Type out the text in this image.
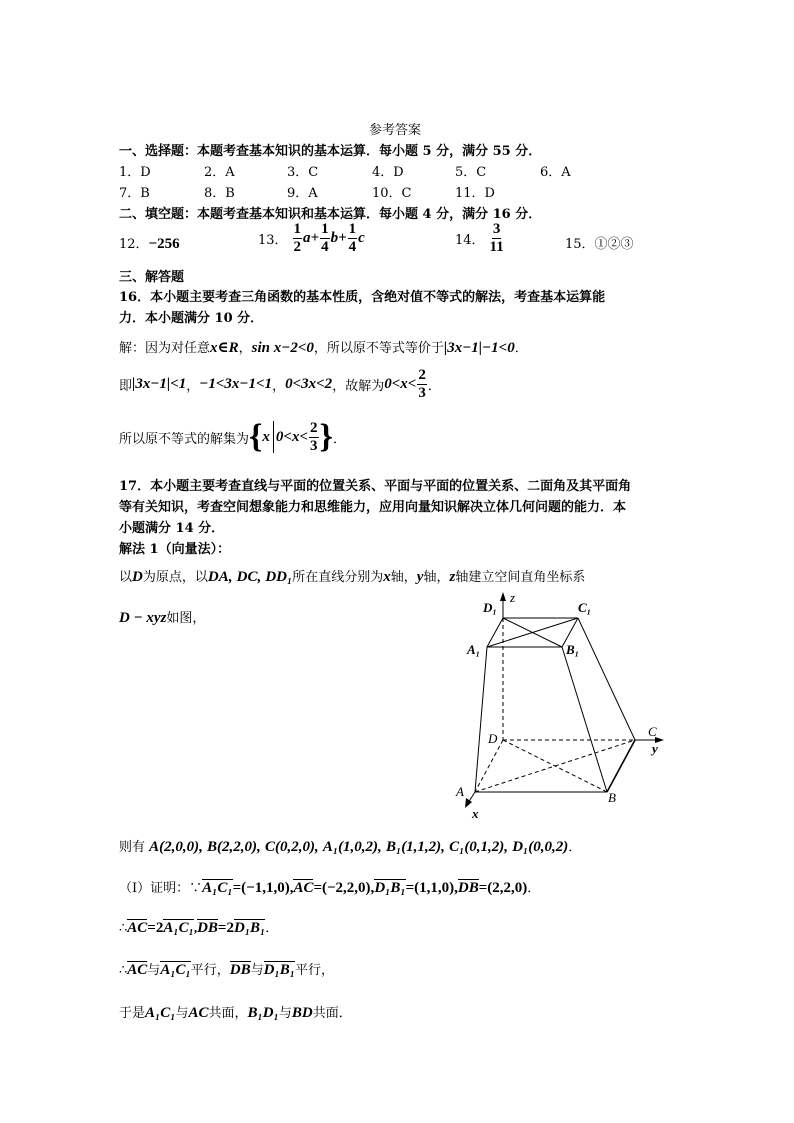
参考答案
一、选择题：本题考查基本知识的基本运算．每小题 5 分，满分 55 分．
1．D	2．A	3．C	4．D	5．C	6．A
7．B	8．B	9．A	10．C	11．D
二、填空题：本题考查基本知识和基本运算．每小题 4 分，满分 16 分．
12．−256	13． $\frac{1}{2} a+ \frac{1}{4} b+ \frac{1}{4}$ c	14． $\frac{3}{11}$	15．①②③
三、解答题
16．本小题主要考查三角函数的基本性质，含绝对值不等式的解法，考查基本运算能
力．本小题满分 10 分．
解：因为对任意x∈R，sin x−2<0，所以原不等式等价于|3x−1|−1<0．
即 |3x−1|<1 ， −1<3x−1<1 ， 0<3x<2 ，故解为 $0<x< \frac{2}{3}$ ．
所以原不等式的解集为 { x $0<x< \frac{2}{3}$ } ．
17．本小题主要考查直线与平面的位置关系、平面与平面的位置关系、二面角及其平面角
等有关知识，考查空间想象能力和思维能力，应用向量知识解决立体几何问题的能力．本
小题满分 14 分．
解法 1（向量法）：
以D为原点，以DA, DC, DD₁所在直线分别为x轴，y轴，z轴建立空间直角坐标系
D − xyz如图，
D₁
z
C₁
A₁	B₁
D	C
y
A	B
x
则有 A(2,0,0), B(2,2,0), C(0,2,0), A₁(1,0,2), B₁(1,1,2), C₁(0,1,2), D₁(0,0,2)．
（Ⅰ）证明：∵A₁C₁=(−1,1,0),AC=(−2,2,0),D₁B₁=(1,1,0),DB=(2,2,0)．
∴AC=2A₁C₁,DB=2D₁B₁．
∴AC与A₁C₁平行，DB与D₁B₁平行，
于是A₁C₁与AC共面，B₁D₁与BD共面．
